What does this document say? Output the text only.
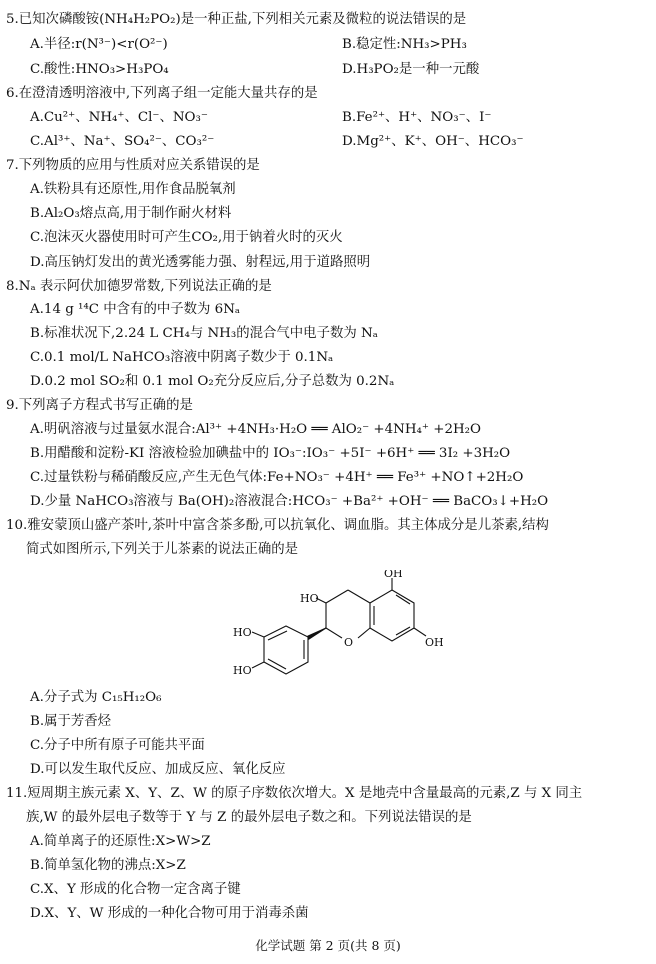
5.已知次磷酸铵(NH₄H₂PO₂)是一种正盐,下列相关元素及微粒的说法错误的是
A.半径:r(N³⁻)<r(O²⁻)	B.稳定性:NH₃>PH₃
C.酸性:HNO₃>H₃PO₄	D.H₃PO₂是一种一元酸
6.在澄清透明溶液中,下列离子组一定能大量共存的是
A.Cu²⁺、NH₄⁺、Cl⁻、NO₃⁻	B.Fe²⁺、H⁺、NO₃⁻、I⁻
C.Al³⁺、Na⁺、SO₄²⁻、CO₃²⁻	D.Mg²⁺、K⁺、OH⁻、HCO₃⁻
7.下列物质的应用与性质对应关系错误的是
A.铁粉具有还原性,用作食品脱氧剂
B.Al₂O₃熔点高,用于制作耐火材料
C.泡沫灭火器使用时可产生CO₂,用于钠着火时的灭火
D.高压钠灯发出的黄光透雾能力强、射程远,用于道路照明
8.Nₐ 表示阿伏加德罗常数,下列说法正确的是
A.14 g ¹⁴C 中含有的中子数为 6Nₐ
B.标准状况下,2.24 L CH₄与 NH₃的混合气中电子数为 Nₐ
C.0.1 mol/L NaHCO₃溶液中阴离子数少于 0.1Nₐ
D.0.2 mol SO₂和 0.1 mol O₂充分反应后,分子总数为 0.2Nₐ
9.下列离子方程式书写正确的是
A.明矾溶液与过量氨水混合:Al³⁺ +4NH₃·H₂O ══ AlO₂⁻ +4NH₄⁺ +2H₂O
B.用醋酸和淀粉-KI 溶液检验加碘盐中的 IO₃⁻:IO₃⁻ +5I⁻ +6H⁺ ══ 3I₂ +3H₂O
C.过量铁粉与稀硝酸反应,产生无色气体:Fe+NO₃⁻ +4H⁺ ══ Fe³⁺ +NO↑+2H₂O
D.少量 NaHCO₃溶液与 Ba(OH)₂溶液混合:HCO₃⁻ +Ba²⁺ +OH⁻ ══ BaCO₃↓+H₂O
10.雅安蒙顶山盛产茶叶,茶叶中富含茶多酚,可以抗氧化、调血脂。其主体成分是儿茶素,结构
简式如图所示,下列关于儿茶素的说法正确的是
OH
HO
HO
HO
O	OH
A.分子式为 C₁₅H₁₂O₆
B.属于芳香烃
C.分子中所有原子可能共平面
D.可以发生取代反应、加成反应、氧化反应
11.短周期主族元素 X、Y、Z、W 的原子序数依次增大。X 是地壳中含量最高的元素,Z 与 X 同主
族,W 的最外层电子数等于 Y 与 Z 的最外层电子数之和。下列说法错误的是
A.简单离子的还原性:X>W>Z
B.简单氢化物的沸点:X>Z
C.X、Y 形成的化合物一定含离子键
D.X、Y、W 形成的一种化合物可用于消毒杀菌
化学试题 第 2 页(共 8 页)
